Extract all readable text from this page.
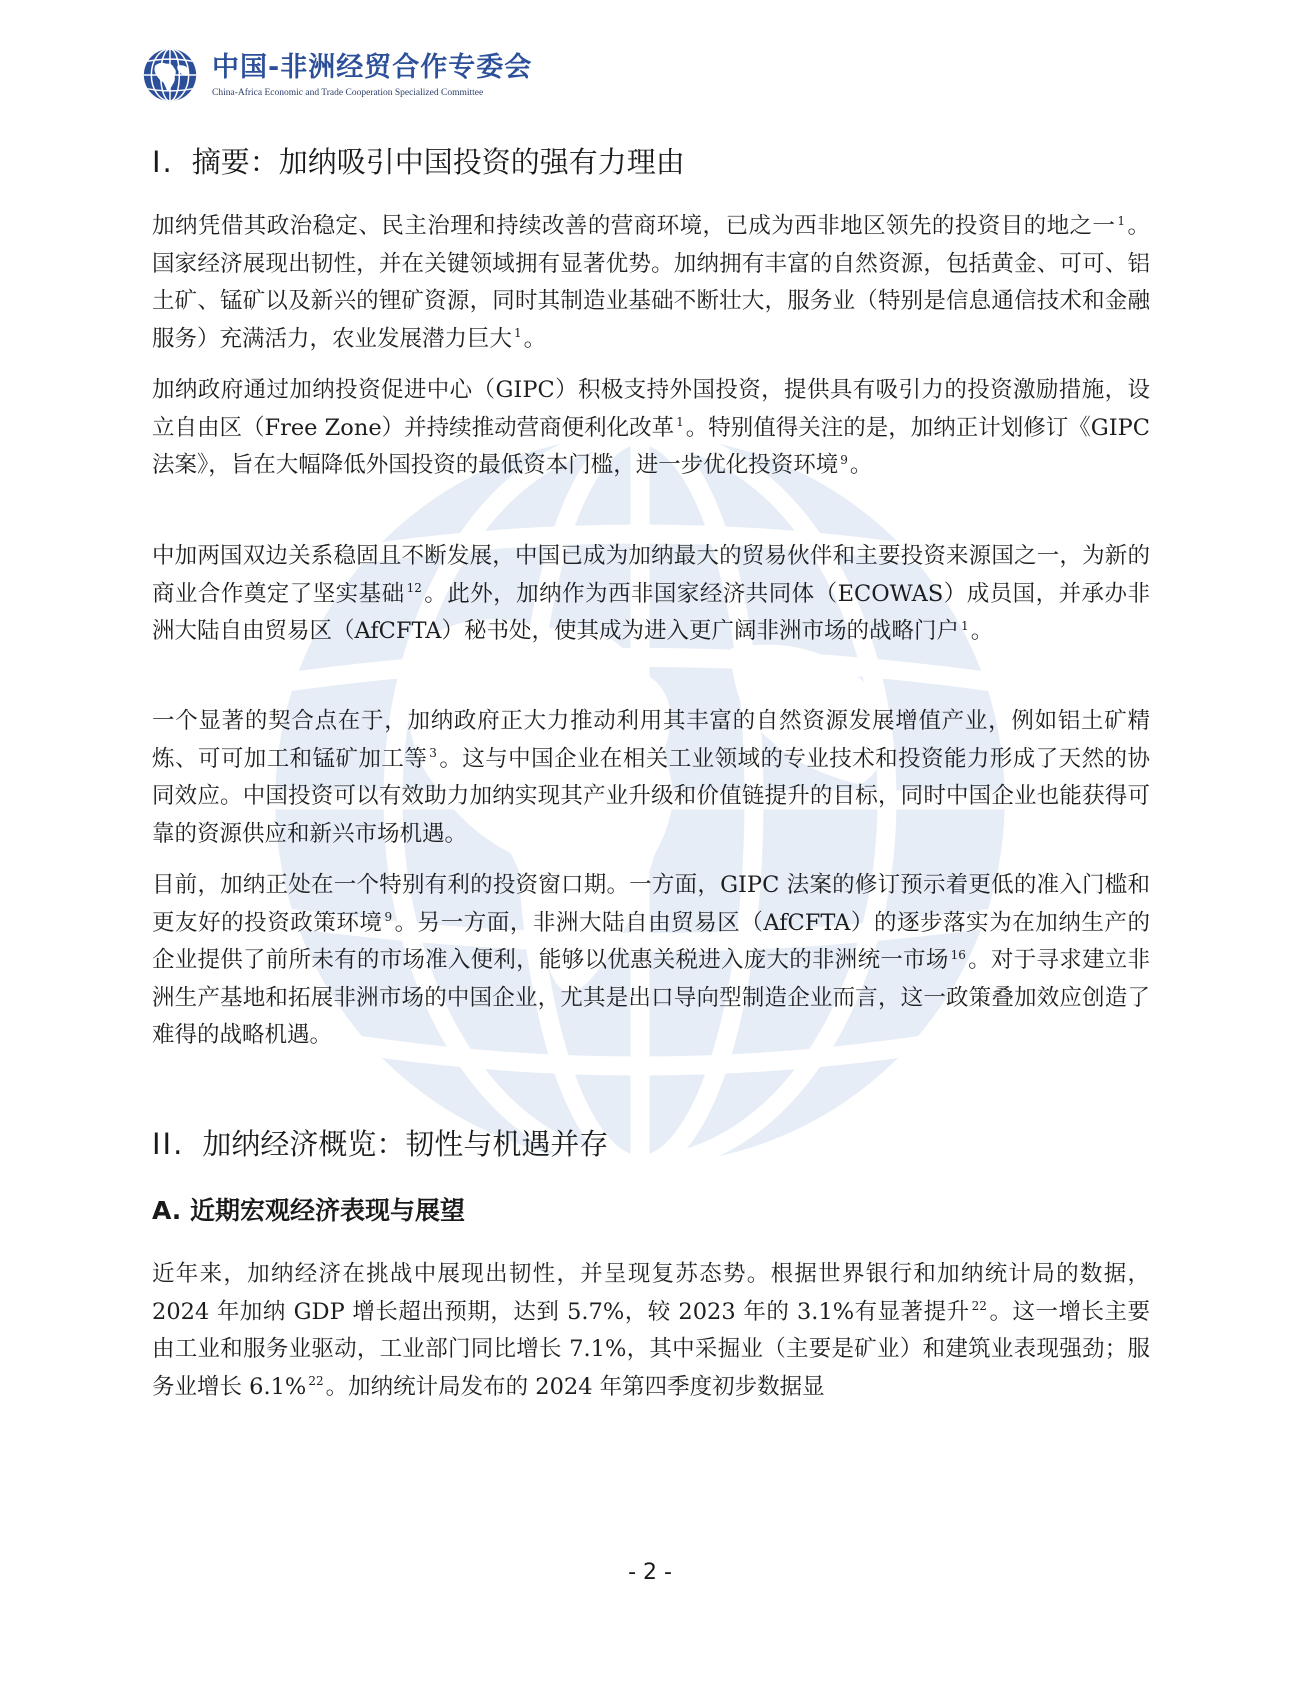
中国-非洲经贸合作专委会
China-Africa Economic and Trade Cooperation Specialized Committee
I. 摘要：加纳吸引中国投资的强有力理由

加纳凭借其政治稳定、民主治理和持续改善的营商环境，已成为西非地区领先的投资目的地之一 $^1$。国家经济展现出韧性，并在关键领域拥有显著优势。加纳拥有丰富的自然资源，包括黄金、可可、铝土矿、锰矿以及新兴的锂矿资源，同时其制造业基础不断壮大，服务业（特别是信息通信技术和金融服务）充满活力，农业发展潜力巨大 $^1$。

加纳政府通过加纳投资促进中心（GIPC）积极支持外国投资，提供具有吸引力的投资激励措施，设立自由区（Free Zone）并持续推动营商便利化改革 $^1$。特别值得关注的是，加纳正计划修订《GIPC 法案》，旨在大幅降低外国投资的最低资本门槛，进一步优化投资环境 $^9$。

中加两国双边关系稳固且不断发展，中国已成为加纳最大的贸易伙伴和主要投资来源国之一，为新的商业合作奠定了坚实基础 $^{12}$。此外，加纳作为西非国家经济共同体（ECOWAS）成员国，并承办非洲大陆自由贸易区（AfCFTA）秘书处，使其成为进入更广阔非洲市场的战略门户 $^1$。

一个显著的契合点在于，加纳政府正大力推动利用其丰富的自然资源发展增值产业，例如铝土矿精炼、可可加工和锰矿加工等 $^3$。这与中国企业在相关工业领域的专业技术和投资能力形成了天然的协同效应。中国投资可以有效助力加纳实现其产业升级和价值链提升的目标，同时中国企业也能获得可靠的资源供应和新兴市场机遇。

目前，加纳正处在一个特别有利的投资窗口期。一方面，GIPC 法案的修订预示着更低的准入门槛和更友好的投资政策环境 $^9$。另一方面，非洲大陆自由贸易区（AfCFTA）的逐步落实为在加纳生产的企业提供了前所未有的市场准入便利，能够以优惠关税进入庞大的非洲统一市场 $^{16}$。对于寻求建立非洲生产基地和拓展非洲市场的中国企业，尤其是出口导向型制造企业而言，这一政策叠加效应创造了难得的战略机遇。

II. 加纳经济概览：韧性与机遇并存
A. 近期宏观经济表现与展望

近年来，加纳经济在挑战中展现出韧性，并呈现复苏态势。根据世界银行和加纳统计局的数据，2024 年加纳 GDP 增长超出预期，达到 5.7%，较 2023 年的 3.1%有显著提升 $^{22}$。这一增长主要由工业和服务业驱动，工业部门同比增长 7.1%，其中采掘业（主要是矿业）和建筑业表现强劲；服务业增长 6.1% $^{22}$。加纳统计局发布的 2024 年第四季度初步数据显

- 2 -
